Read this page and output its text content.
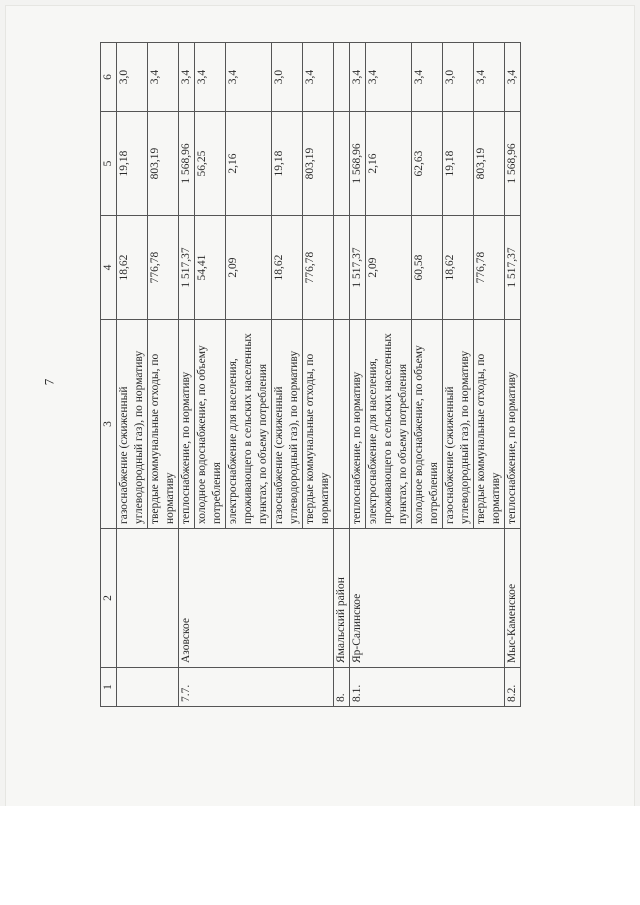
7
1	2	3	4	5	6
		газоснабжение (сжиженный углеводородный газ), по нормативу	18,62	19,18	3,0
		твердые коммунальные отходы, по нормативу	776,78	803,19	3,4
7.7.	Азовское	теплоснабжение, по нормативу	1 517,37	1 568,96	3,4
		холодное водоснабжение, по объему потребления	54,41	56,25	3,4
		электроснабжение для населения, проживающего в сельских населенных пунктах, по объему потребления	2,09	2,16	3,4
		газоснабжение (сжиженный углеводородный газ), по нормативу	18,62	19,18	3,0
		твердые коммунальные отходы, по нормативу	776,78	803,19	3,4
8.	Ямальский район				
8.1.	Яр-Салинское	теплоснабжение, по нормативу	1 517,37	1 568,96	3,4
		электроснабжение для населения, проживающего в сельских населенных пунктах, по объему потребления	2,09	2,16	3,4
		холодное водоснабжение, по объему потребления	60,58	62,63	3,4
		газоснабжение (сжиженный углеводородный газ), по нормативу	18,62	19,18	3,0
		твердые коммунальные отходы, по нормативу	776,78	803,19	3,4
8.2.	Мыс-Каменское	теплоснабжение, по нормативу	1 517,37	1 568,96	3,4
